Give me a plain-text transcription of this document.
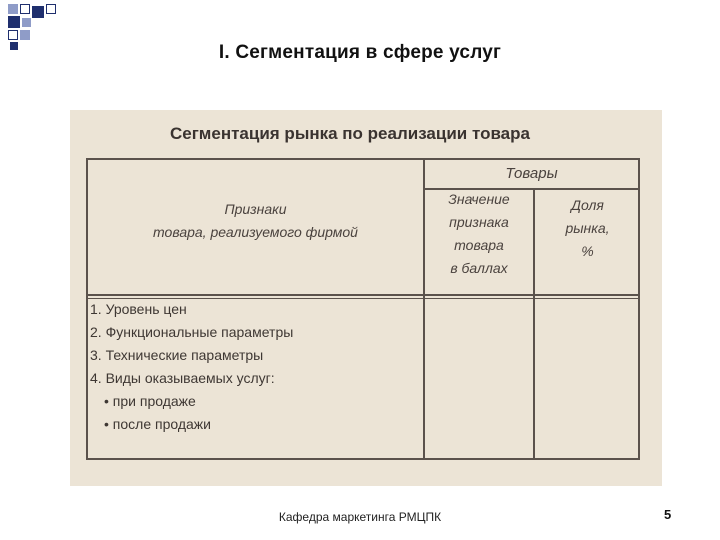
I. Сегментация в сфере услуг
Сегментация рынка по реализации товара
Товары
Признаки
товара, реализуемого фирмой
Значение
признака
товара
в баллах
Доля
рынка,
%
1. Уровень цен
2. Функциональные параметры
3. Технические параметры
4. Виды оказываемых услуг:
• при продаже
• после продажи
Кафедра маркетинга РМЦПК	5
